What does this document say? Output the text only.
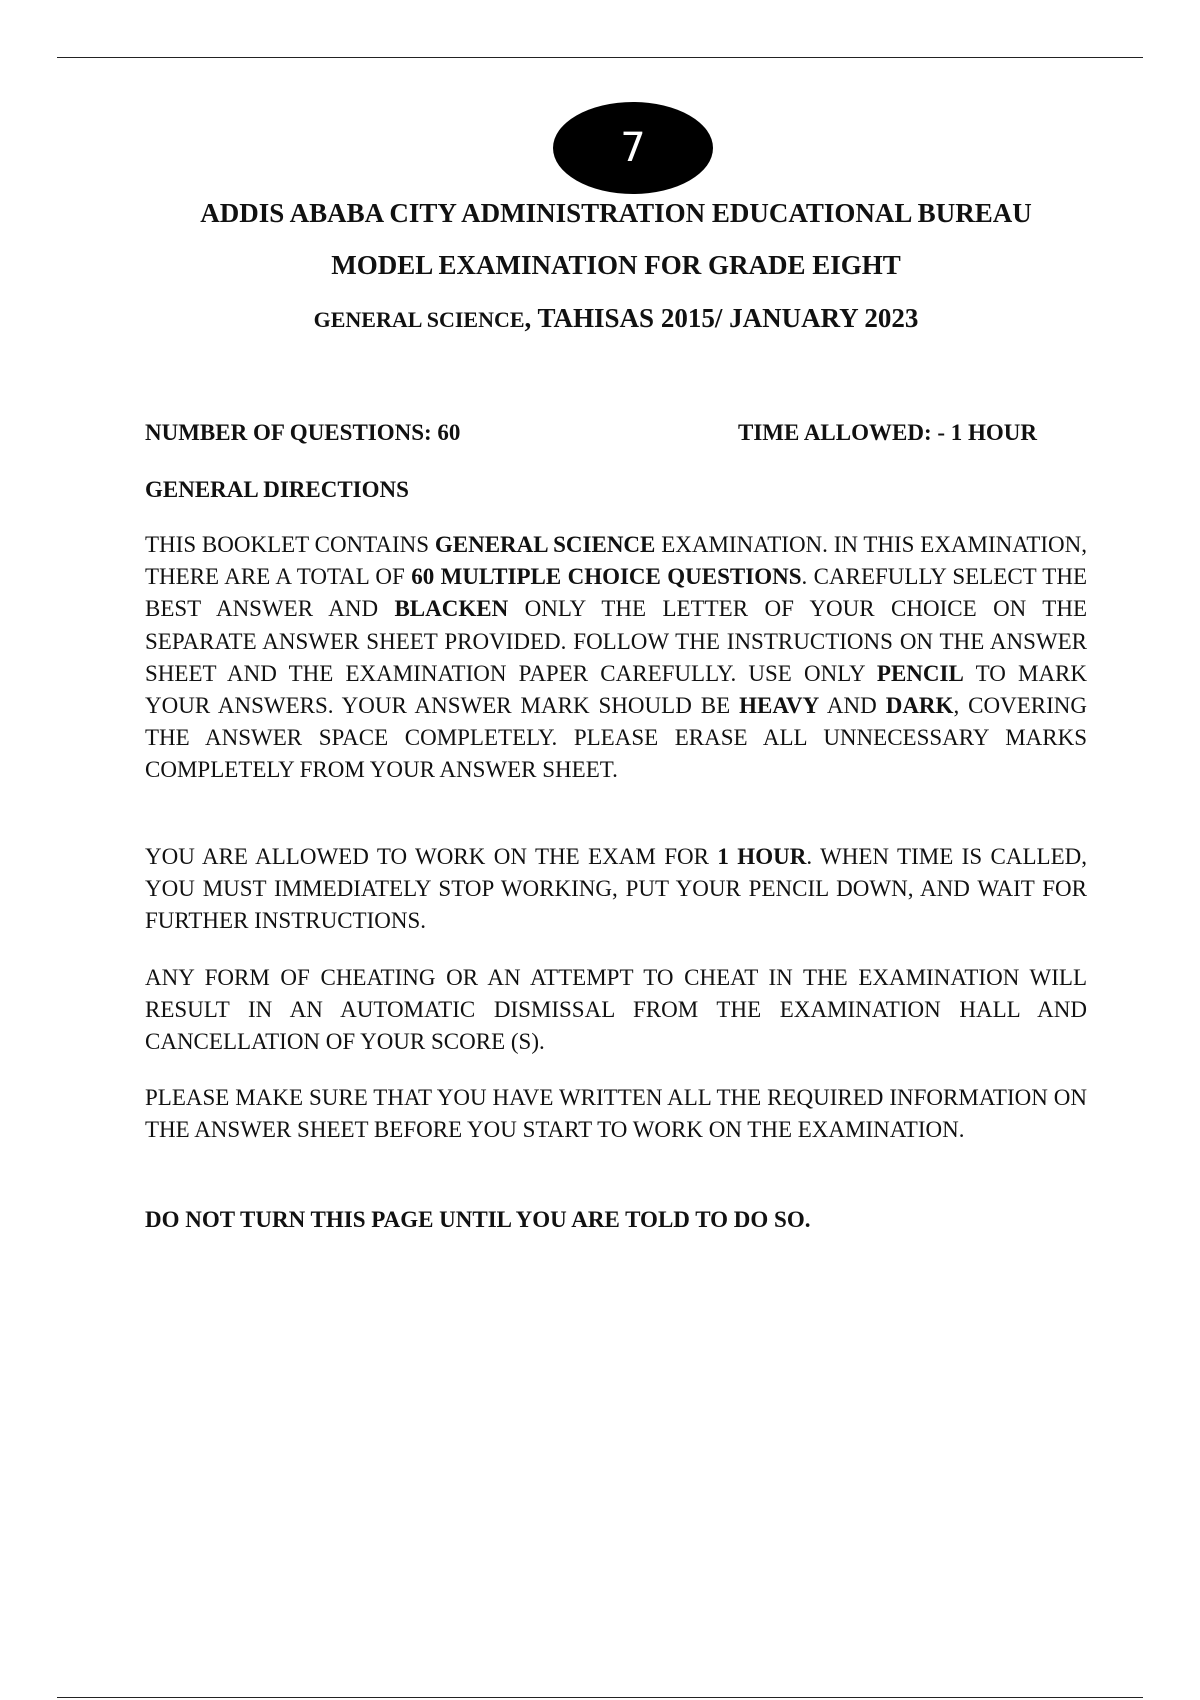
7
ADDIS ABABA CITY ADMINISTRATION EDUCATIONAL BUREAU
MODEL EXAMINATION FOR GRADE EIGHT
GENERAL SCIENCE, TAHISAS 2015/ JANUARY 2023
NUMBER OF QUESTIONS: 60	TIME ALLOWED: - 1 HOUR
GENERAL DIRECTIONS
THIS BOOKLET CONTAINS GENERAL SCIENCE EXAMINATION. IN THIS EXAMINATION, THERE ARE A TOTAL OF 60 MULTIPLE CHOICE QUESTIONS. CAREFULLY SELECT THE BEST ANSWER AND BLACKEN ONLY THE LETTER OF YOUR CHOICE ON THE SEPARATE ANSWER SHEET PROVIDED. FOLLOW THE INSTRUCTIONS ON THE ANSWER SHEET AND THE EXAMINATION PAPER CAREFULLY. USE ONLY PENCIL TO MARK YOUR ANSWERS. YOUR ANSWER MARK SHOULD BE HEAVY AND DARK, COVERING THE ANSWER SPACE COMPLETELY. PLEASE ERASE ALL UNNECESSARY MARKS COMPLETELY FROM YOUR ANSWER SHEET.
YOU ARE ALLOWED TO WORK ON THE EXAM FOR 1 HOUR. WHEN TIME IS CALLED, YOU MUST IMMEDIATELY STOP WORKING, PUT YOUR PENCIL DOWN, AND WAIT FOR FURTHER INSTRUCTIONS.
ANY FORM OF CHEATING OR AN ATTEMPT TO CHEAT IN THE EXAMINATION WILL RESULT IN AN AUTOMATIC DISMISSAL FROM THE EXAMINATION HALL AND CANCELLATION OF YOUR SCORE (S).
PLEASE MAKE SURE THAT YOU HAVE WRITTEN ALL THE REQUIRED INFORMATION ON THE ANSWER SHEET BEFORE YOU START TO WORK ON THE EXAMINATION.
DO NOT TURN THIS PAGE UNTIL YOU ARE TOLD TO DO SO.
